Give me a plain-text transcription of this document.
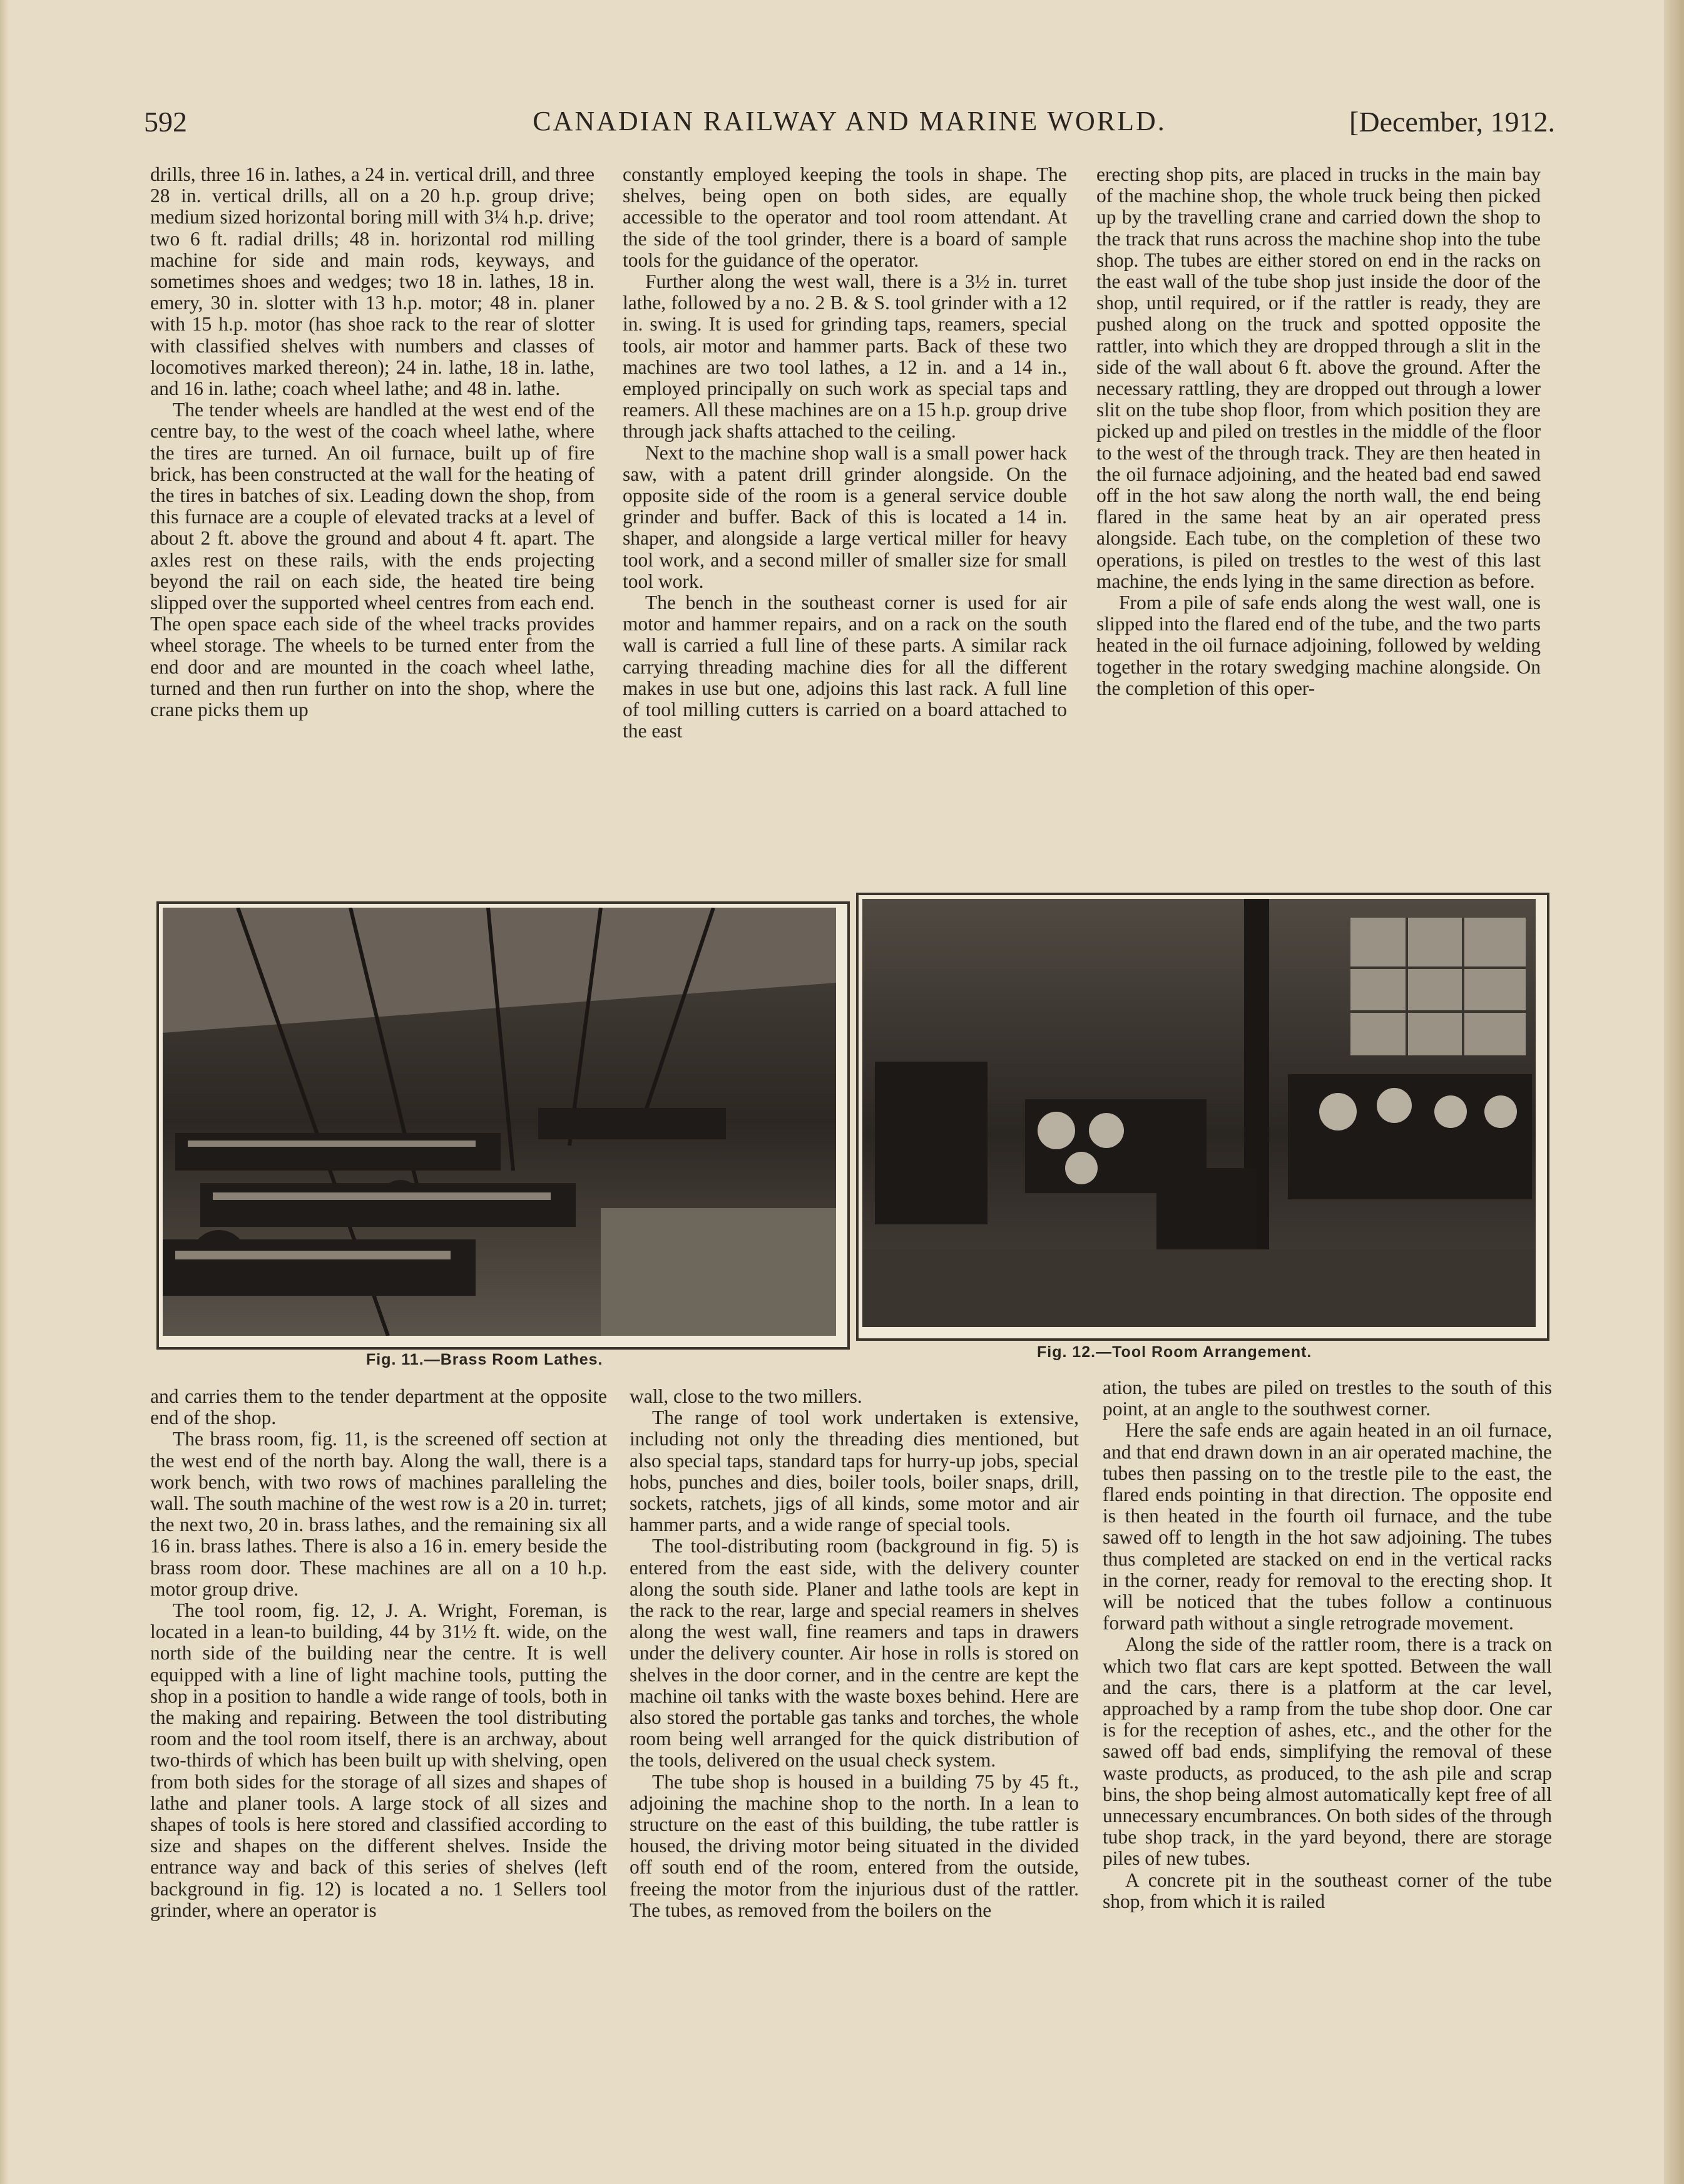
592	CANADIAN RAILWAY AND MARINE WORLD.	[December, 1912.

drills, three 16 in. lathes, a 24 in. vertical drill, and three 28 in. vertical drills, all on a 20 h.p. group drive; medium sized horizontal boring mill with 3¼ h.p. drive; two 6 ft. radial drills; 48 in. horizontal rod milling machine for side and main rods, keyways, and sometimes shoes and wedges; two 18 in. lathes, 18 in. emery, 30 in. slotter with 13 h.p. motor; 48 in. planer with 15 h.p. motor (has shoe rack to the rear of slotter with classified shelves with numbers and classes of locomotives marked thereon); 24 in. lathe, 18 in. lathe, and 16 in. lathe; coach wheel lathe; and 48 in. lathe.

The tender wheels are handled at the west end of the centre bay, to the west of the coach wheel lathe, where the tires are turned. An oil furnace, built up of fire brick, has been constructed at the wall for the heating of the tires in batches of six. Leading down the shop, from this furnace are a couple of elevated tracks at a level of about 2 ft. above the ground and about 4 ft. apart. The axles rest on these rails, with the ends projecting beyond the rail on each side, the heated tire being slipped over the supported wheel centres from each end. The open space each side of the wheel tracks provides wheel storage. The wheels to be turned enter from the end door and are mounted in the coach wheel lathe, turned and then run further on into the shop, where the crane picks them up

constantly employed keeping the tools in shape. The shelves, being open on both sides, are equally accessible to the operator and tool room attendant. At the side of the tool grinder, there is a board of sample tools for the guidance of the operator.

Further along the west wall, there is a 3½ in. turret lathe, followed by a no. 2 B. & S. tool grinder with a 12 in. swing. It is used for grinding taps, reamers, special tools, air motor and hammer parts. Back of these two machines are two tool lathes, a 12 in. and a 14 in., employed principally on such work as special taps and reamers. All these machines are on a 15 h.p. group drive through jack shafts attached to the ceiling.

Next to the machine shop wall is a small power hack saw, with a patent drill grinder alongside. On the opposite side of the room is a general service double grinder and buffer. Back of this is located a 14 in. shaper, and alongside a large vertical miller for heavy tool work, and a second miller of smaller size for small tool work.

The bench in the southeast corner is used for air motor and hammer repairs, and on a rack on the south wall is carried a full line of these parts. A similar rack carrying threading machine dies for all the different makes in use but one, adjoins this last rack. A full line of tool milling cutters is carried on a board attached to the east

erecting shop pits, are placed in trucks in the main bay of the machine shop, the whole truck being then picked up by the travelling crane and carried down the shop to the track that runs across the machine shop into the tube shop. The tubes are either stored on end in the racks on the east wall of the tube shop just inside the door of the shop, until required, or if the rattler is ready, they are pushed along on the truck and spotted opposite the rattler, into which they are dropped through a slit in the side of the wall about 6 ft. above the ground. After the necessary rattling, they are dropped out through a lower slit on the tube shop floor, from which position they are picked up and piled on trestles in the middle of the floor to the west of the through track. They are then heated in the oil furnace adjoining, and the heated bad end sawed off in the hot saw along the north wall, the end being flared in the same heat by an air operated press alongside. Each tube, on the completion of these two operations, is piled on trestles to the west of this last machine, the ends lying in the same direction as before.

From a pile of safe ends along the west wall, one is slipped into the flared end of the tube, and the two parts heated in the oil furnace adjoining, followed by welding together in the rotary swedging machine alongside. On the completion of this oper-

Fig. 11.—Brass Room Lathes.	Fig. 12.—Tool Room Arrangement.

and carries them to the tender department at the opposite end of the shop.

The brass room, fig. 11, is the screened off section at the west end of the north bay. Along the wall, there is a work bench, with two rows of machines paralleling the wall. The south machine of the west row is a 20 in. turret; the next two, 20 in. brass lathes, and the remaining six all 16 in. brass lathes. There is also a 16 in. emery beside the brass room door. These machines are all on a 10 h.p. motor group drive.

The tool room, fig. 12, J. A. Wright, Foreman, is located in a lean-to building, 44 by 31½ ft. wide, on the north side of the building near the centre. It is well equipped with a line of light machine tools, putting the shop in a position to handle a wide range of tools, both in the making and repairing. Between the tool distributing room and the tool room itself, there is an archway, about two-thirds of which has been built up with shelving, open from both sides for the storage of all sizes and shapes of lathe and planer tools. A large stock of all sizes and shapes of tools is here stored and classified according to size and shapes on the different shelves. Inside the entrance way and back of this series of shelves (left background in fig. 12) is located a no. 1 Sellers tool grinder, where an operator is

wall, close to the two millers.

The range of tool work undertaken is extensive, including not only the threading dies mentioned, but also special taps, standard taps for hurry-up jobs, special hobs, punches and dies, boiler tools, boiler snaps, drill, sockets, ratchets, jigs of all kinds, some motor and air hammer parts, and a wide range of special tools.

The tool-distributing room (background in fig. 5) is entered from the east side, with the delivery counter along the south side. Planer and lathe tools are kept in the rack to the rear, large and special reamers in shelves along the west wall, fine reamers and taps in drawers under the delivery counter. Air hose in rolls is stored on shelves in the door corner, and in the centre are kept the machine oil tanks with the waste boxes behind. Here are also stored the portable gas tanks and torches, the whole room being well arranged for the quick distribution of the tools, delivered on the usual check system.

The tube shop is housed in a building 75 by 45 ft., adjoining the machine shop to the north. In a lean to structure on the east of this building, the tube rattler is housed, the driving motor being situated in the divided off south end of the room, entered from the outside, freeing the motor from the injurious dust of the rattler. The tubes, as removed from the boilers on the

ation, the tubes are piled on trestles to the south of this point, at an angle to the southwest corner.

Here the safe ends are again heated in an oil furnace, and that end drawn down in an air operated machine, the tubes then passing on to the trestle pile to the east, the flared ends pointing in that direction. The opposite end is then heated in the fourth oil furnace, and the tube sawed off to length in the hot saw adjoining. The tubes thus completed are stacked on end in the vertical racks in the corner, ready for removal to the erecting shop. It will be noticed that the tubes follow a continuous forward path without a single retrograde movement.

Along the side of the rattler room, there is a track on which two flat cars are kept spotted. Between the wall and the cars, there is a platform at the car level, approached by a ramp from the tube shop door. One car is for the reception of ashes, etc., and the other for the sawed off bad ends, simplifying the removal of these waste products, as produced, to the ash pile and scrap bins, the shop being almost automatically kept free of all unnecessary encumbrances. On both sides of the through tube shop track, in the yard beyond, there are storage piles of new tubes.

A concrete pit in the southeast corner of the tube shop, from which it is railed
